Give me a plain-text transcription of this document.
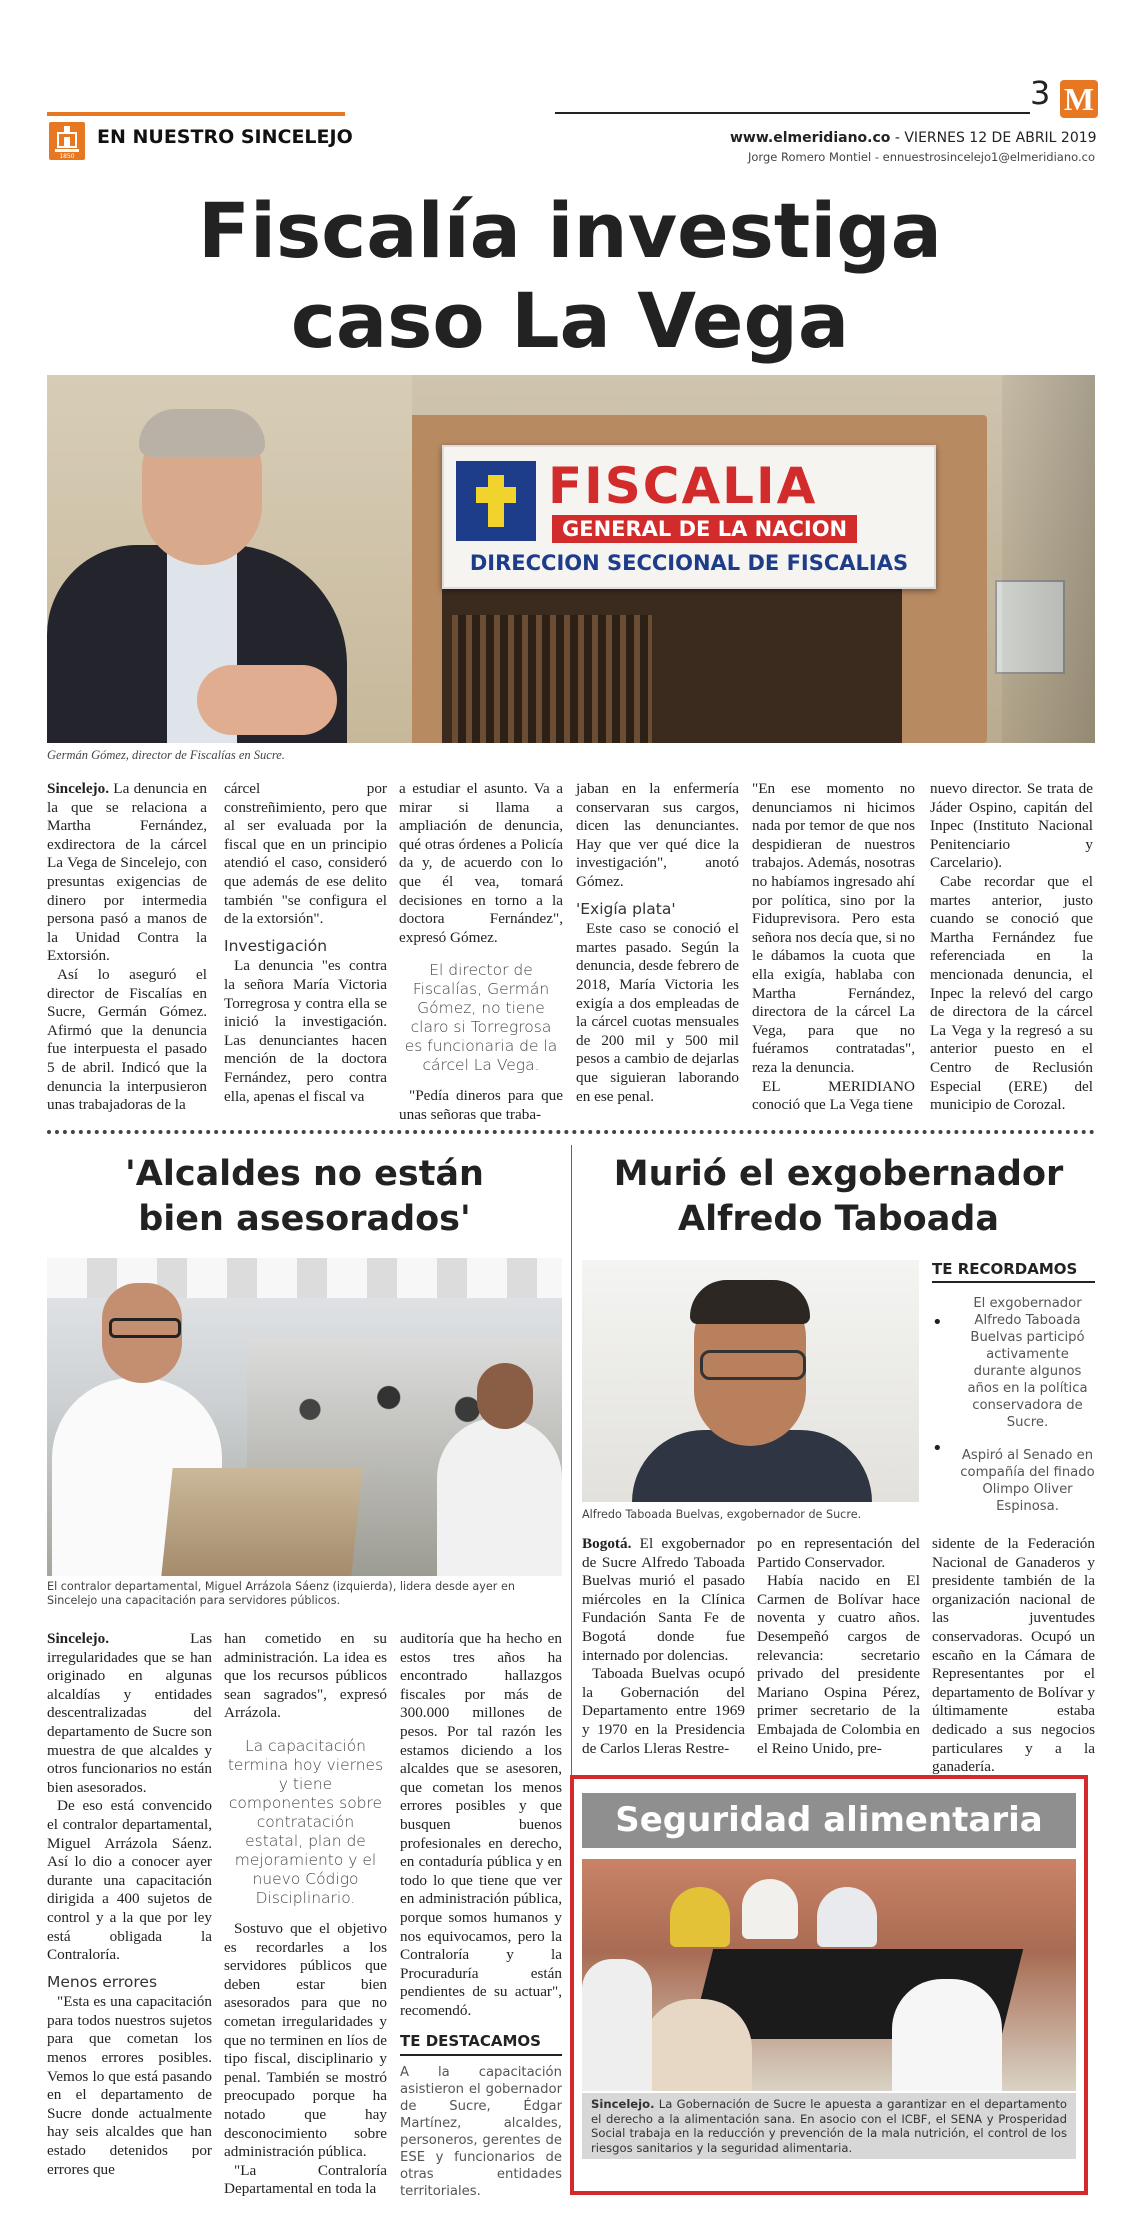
1850
EN NUESTRO SINCELEJO
3 M
www.elmeridiano.co - VIERNES 12 DE ABRIL 2019
Jorge Romero Montiel - ennuestrosincelejo1@elmeridiano.co
Fiscalía investiga
caso La Vega
FISCALIA
GENERAL DE LA NACION
DIRECCION SECCIONAL DE FISCALIAS
Germán Gómez, director de Fiscalías en Sucre.

Sincelejo. La denuncia en la que se relaciona a Martha Fernández, exdirectora de la cárcel La Vega de Sincelejo, con presuntas exigencias de dinero por intermedia persona pasó a manos de la Unidad Contra la Extorsión.

Así lo aseguró el director de Fiscalías en Sucre, Germán Gómez. Afirmó que la denuncia fue interpuesta el pasado 5 de abril. Indicó que la denuncia la interpusieron unas trabajadoras de la

cárcel por constreñimiento, pero que al ser evaluada por la fiscal que en un principio atendió el caso, consideró que además de ese delito también "se configura el de la extorsión".

Investigación

La denuncia "es contra la señora María Victoria Torregrosa y contra ella se inició la investigación. Las denunciantes hacen mención de la doctora Fernández, pero contra ella, apenas el fiscal va

a estudiar el asunto. Va a mirar si llama a ampliación de denuncia, qué otras órdenes a Policía da y, de acuerdo con lo que él vea, tomará decisiones en torno a la doctora Fernández", expresó Gómez.

El director de Fiscalías, Germán Gómez, no tiene claro si Torregrosa es funcionaria de la cárcel La Vega.

"Pedía dineros para que unas señoras que traba-

jaban en la enfermería conservaran sus cargos, dicen las denunciantes. Hay que ver qué dice la investigación", anotó Gómez.

'Exigía plata'

Este caso se conoció el martes pasado. Según la denuncia, desde febrero de 2018, María Victoria les exigía a dos empleadas de la cárcel cuotas mensuales de 200 mil y 500 mil pesos a cambio de dejarlas que siguieran laborando en ese penal.

"En ese momento no denunciamos ni hicimos nada por temor de que nos despidieran de nuestros trabajos. Además, nosotras no habíamos ingresado ahí por política, sino por la Fiduprevisora. Pero esta señora nos decía que, si no le dábamos la cuota que ella exigía, hablaba con Martha Fernández, directora de la cárcel La Vega, para que no fuéramos contratadas", reza la denuncia.

EL MERIDIANO conoció que La Vega tiene

nuevo director. Se trata de Jáder Ospino, capitán del Inpec (Instituto Nacional Penitenciario y Carcelario).

Cabe recordar que el martes anterior, justo cuando se conoció que Martha Fernández fue referenciada en la mencionada denuncia, el Inpec la relevó del cargo de directora de la cárcel La Vega y la regresó a su anterior puesto en el Centro de Reclusión Especial (ERE) del municipio de Corozal.

'Alcaldes no están
bien asesorados'
El contralor departamental, Miguel Arrázola Sáenz (izquierda), lidera desde ayer en Sincelejo una capacitación para servidores públicos.

Sincelejo. Las irregularidades que se han originado en algunas alcaldías y entidades descentralizadas del departamento de Sucre son muestra de que alcaldes y otros funcionarios no están bien asesorados.

De eso está convencido el contralor departamental, Miguel Arrázola Sáenz. Así lo dio a conocer ayer durante una capacitación dirigida a 400 sujetos de control y a la que por ley está obligada la Contraloría.

Menos errores

"Esta es una capacitación para todos nuestros sujetos para que cometan los menos errores posibles. Vemos lo que está pasando en el departamento de Sucre donde actualmente hay seis alcaldes que han estado detenidos por errores que

han cometido en su administración. La idea es que los recursos públicos sean sagrados", expresó Arrázola.

La capacitación termina hoy viernes y tiene componentes sobre contratación estatal, plan de mejoramiento y el nuevo Código Disciplinario.

Sostuvo que el objetivo es recordarles a los servidores públicos que deben estar bien asesorados para que no cometan irregularidades y que no terminen en líos de tipo fiscal, disciplinario y penal. También se mostró preocupado porque ha notado que hay desconocimiento sobre administración pública.

"La Contraloría Departamental en toda la

auditoría que ha hecho en estos tres años ha encontrado hallazgos fiscales por más de 300.000 millones de pesos. Por tal razón les estamos diciendo a los alcaldes que se asesoren, que cometan los menos errores posibles y que busquen buenos profesionales en derecho, en contaduría pública y en todo lo que tiene que ver en administración pública, porque somos humanos y nos equivocamos, pero la Contraloría y la Procuraduría están pendientes de su actuar", recomendó.

TE DESTACAMOS
A la capacitación asistieron el gobernador de Sucre, Édgar Martínez, alcaldes, personeros, gerentes de ESE y funcionarios de otras entidades territoriales.
Murió el exgobernador
Alfredo Taboada
Alfredo Taboada Buelvas, exgobernador de Sucre.
TE RECORDAMOS
•
El exgobernador Alfredo Taboada Buelvas participó activamente durante algunos años en la política conservadora de Sucre.
• Aspiró al Senado en compañía del finado Olimpo Oliver Espinosa.

Bogotá. El exgobernador de Sucre Alfredo Taboada Buelvas murió el pasado miércoles en la Clínica Fundación Santa Fe de Bogotá donde fue internado por dolencias.

Taboada Buelvas ocupó la Gobernación del Departamento entre 1969 y 1970 en la Presidencia de Carlos Lleras Restre-

po en representación del Partido Conservador.

Había nacido en El Carmen de Bolívar hace noventa y cuatro años. Desempeñó cargos de relevancia: secretario privado del presidente Mariano Ospina Pérez, primer secretario de la Embajada de Colombia en el Reino Unido, pre-

sidente de la Federación Nacional de Ganaderos y presidente también de la organización nacional de las juventudes conservadoras. Ocupó un escaño en la Cámara de Representantes por el departamento de Bolívar y últimamente estaba dedicado a sus negocios particulares y a la ganadería.

Seguridad alimentaria
Sincelejo. La Gobernación de Sucre le apuesta a garantizar en el departamento el derecho a la alimentación sana. En asocio con el ICBF, el SENA y Prosperidad Social trabaja en la reducción y prevención de la mala nutrición, el control de los riesgos sanitarios y la seguridad alimentaria.
